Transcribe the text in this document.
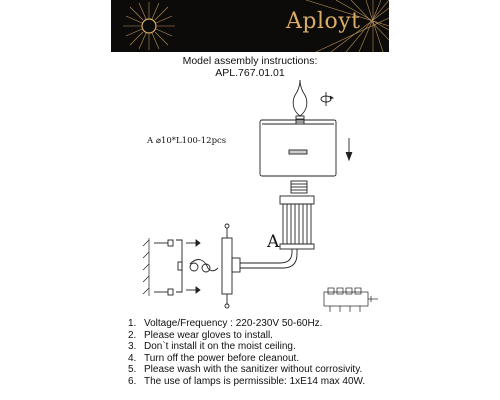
Aployt
Model assembly instructions:
APL.767.01.01
A ⌀10*L100-12pcs
A
1. Voltage/Frequency : 220-230V 50-60Hz.
2. Please wear gloves to install.
3. Don`t install it on the moist ceiling.
4. Turn off the power before cleanout.
5. Please wash with the sanitizer without corrosivity.
6. The use of lamps is permissible: 1xE14 max 40W.
